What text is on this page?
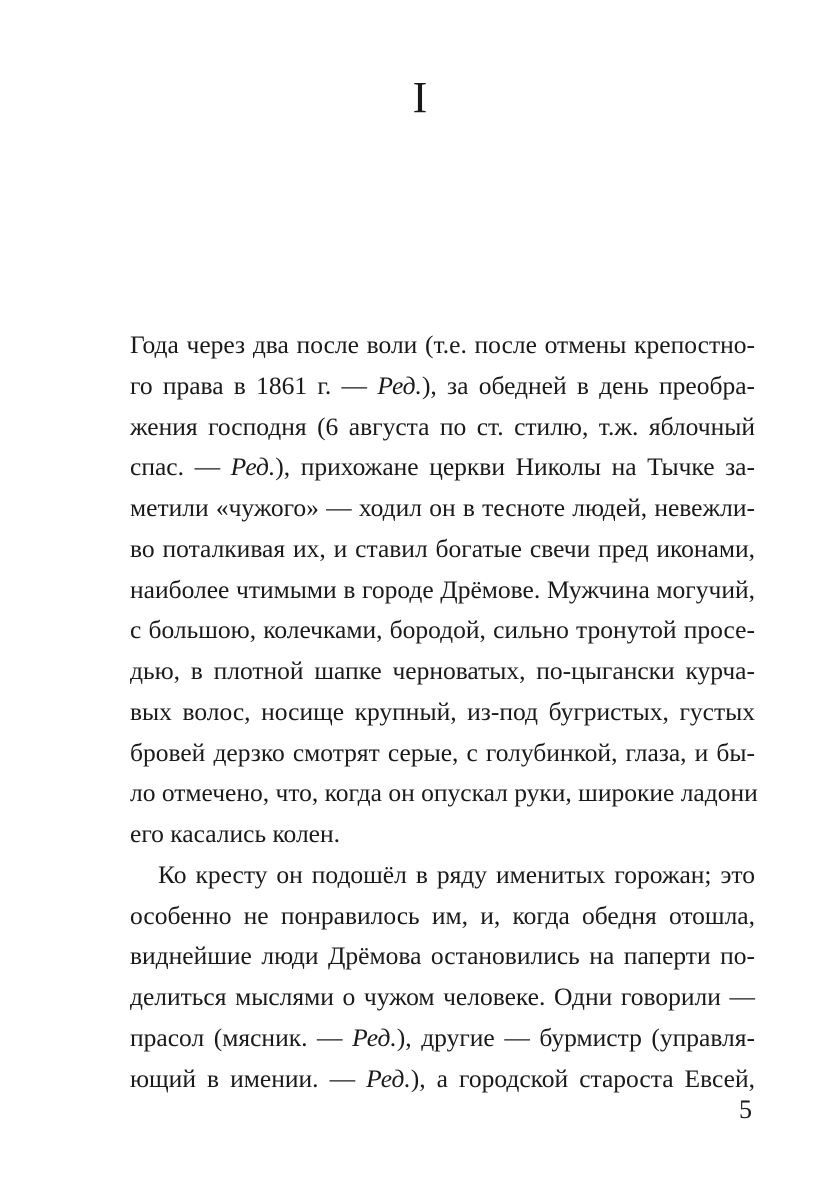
I
Года через два после воли (т.е. после отмены крепостно-
го права в 1861 г. — Ред.), за обедней в день преобра-
жения господня (6 августа по ст. стилю, т.ж. яблочный
спас. — Ред.), прихожане церкви Николы на Тычке за-
метили «чужого» — ходил он в тесноте людей, невежли-
во поталкивая их, и ставил богатые свечи пред иконами,
наиболее чтимыми в городе Дрёмове. Мужчина могучий,
с большою, колечками, бородой, сильно тронутой просе-
дью, в плотной шапке черноватых, по-цыгански курча-
вых волос, носище крупный, из-под бугристых, густых
бровей дерзко смотрят серые, с голубинкой, глаза, и бы-
ло отмечено, что, когда он опускал руки, широкие ладони
его касались колен.
Ко кресту он подошёл в ряду именитых горожан; это
особенно не понравилось им, и, когда обедня отошла,
виднейшие люди Дрёмова остановились на паперти по-
делиться мыслями о чужом человеке. Одни говорили —
прасол (мясник. — Ред.), другие — бурмистр (управля-
ющий в имении. — Ред.), а городской староста Евсей,
5
